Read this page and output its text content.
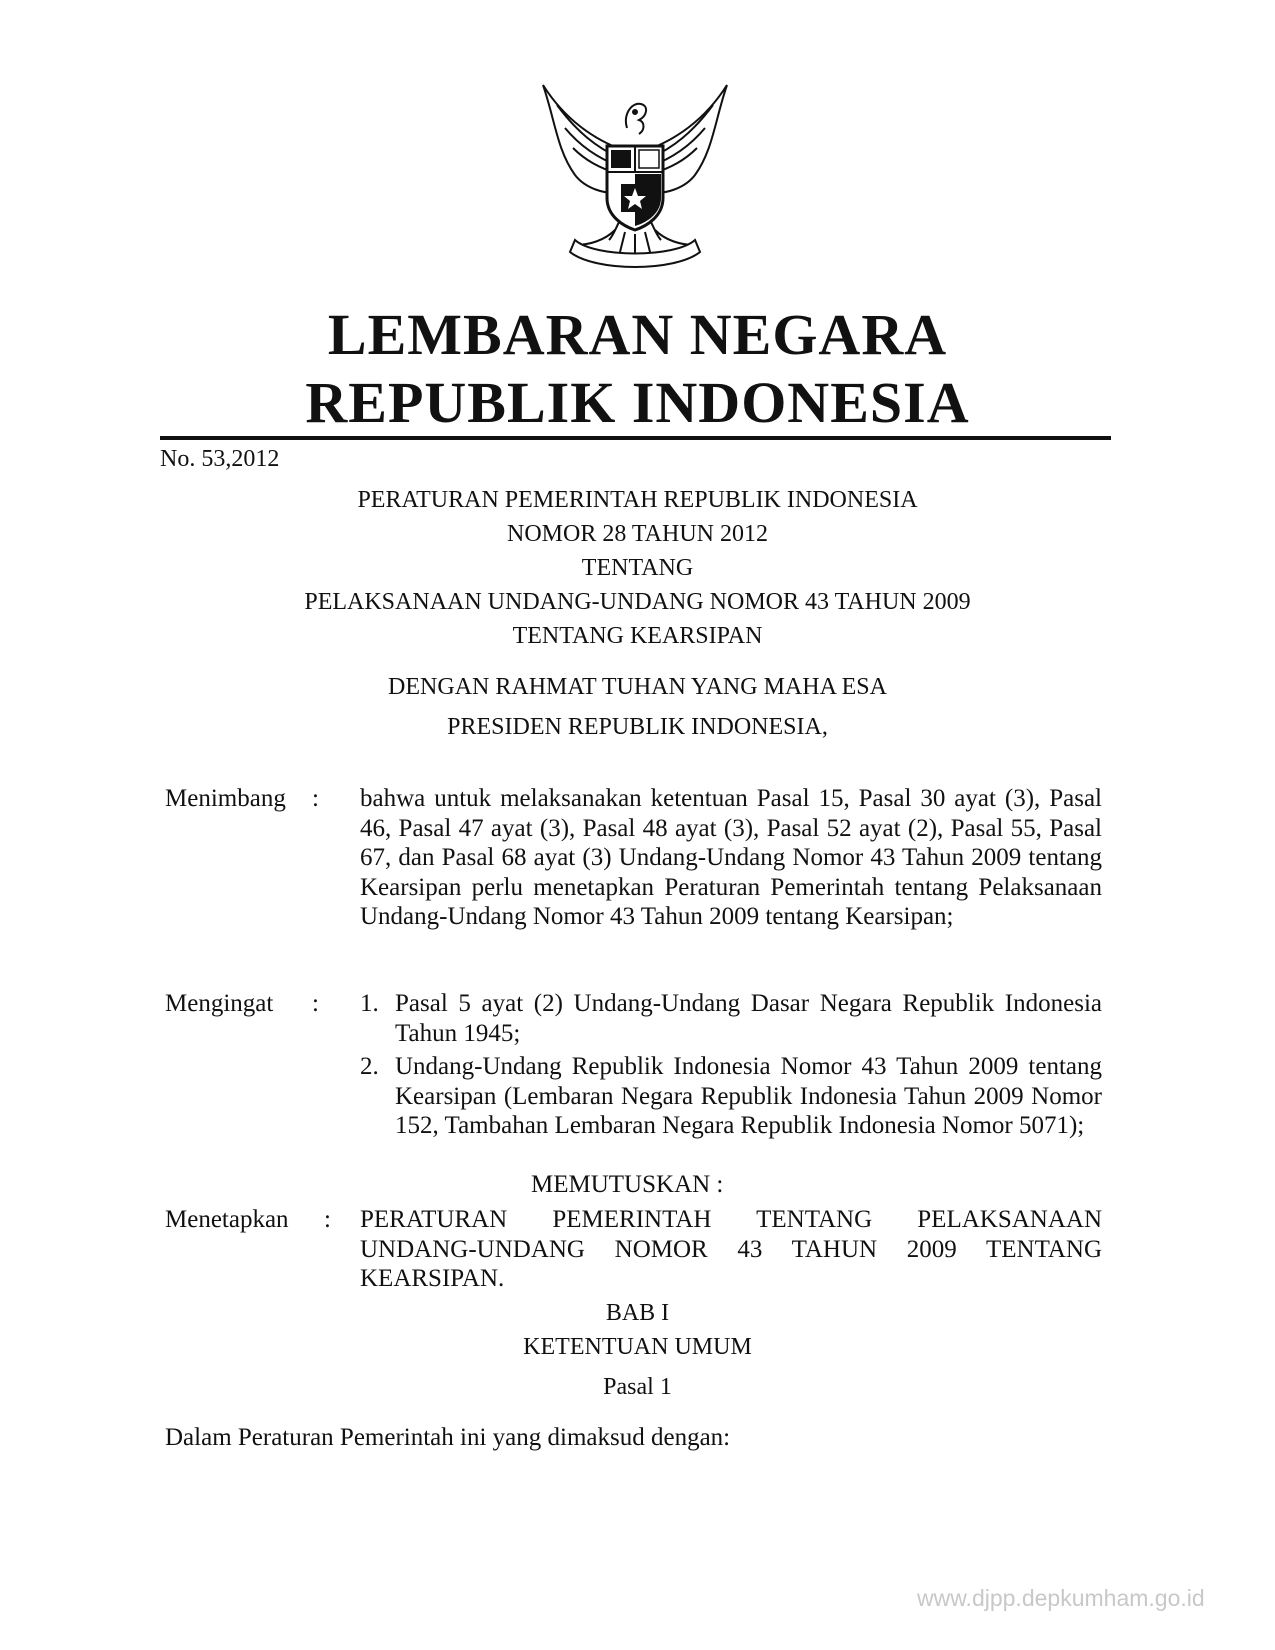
LEMBARAN NEGARA
REPUBLIK INDONESIA
No. 53,2012
PERATURAN PEMERINTAH REPUBLIK INDONESIA
NOMOR 28 TAHUN 2012
TENTANG
PELAKSANAAN UNDANG-UNDANG NOMOR 43 TAHUN 2009
TENTANG KEARSIPAN
DENGAN RAHMAT TUHAN YANG MAHA ESA
PRESIDEN REPUBLIK INDONESIA,
Menimbang : bahwa untuk melaksanakan ketentuan Pasal 15, Pasal 30 ayat (3), Pasal 46, Pasal 47 ayat (3), Pasal 48 ayat (3), Pasal 52 ayat (2), Pasal 55, Pasal 67, dan Pasal 68 ayat (3) Undang-Undang Nomor 43 Tahun 2009 tentang Kearsipan perlu menetapkan Peraturan Pemerintah tentang Pelaksanaan Undang-Undang Nomor 43 Tahun 2009 tentang Kearsipan;
Mengingat : 1. Pasal 5 ayat (2) Undang-Undang Dasar Negara Republik Indonesia Tahun 1945;
2. Undang-Undang Republik Indonesia Nomor 43 Tahun 2009 tentang Kearsipan (Lembaran Negara Republik Indonesia Tahun 2009 Nomor 152, Tambahan Lembaran Negara Republik Indonesia Nomor 5071);
MEMUTUSKAN :
Menetapkan : PERATURAN PEMERINTAH TENTANG PELAKSANAAN UNDANG-UNDANG NOMOR 43 TAHUN 2009 TENTANG KEARSIPAN.
BAB I
KETENTUAN UMUM
Pasal 1
Dalam Peraturan Pemerintah ini yang dimaksud dengan:
www.djpp.depkumham.go.id
